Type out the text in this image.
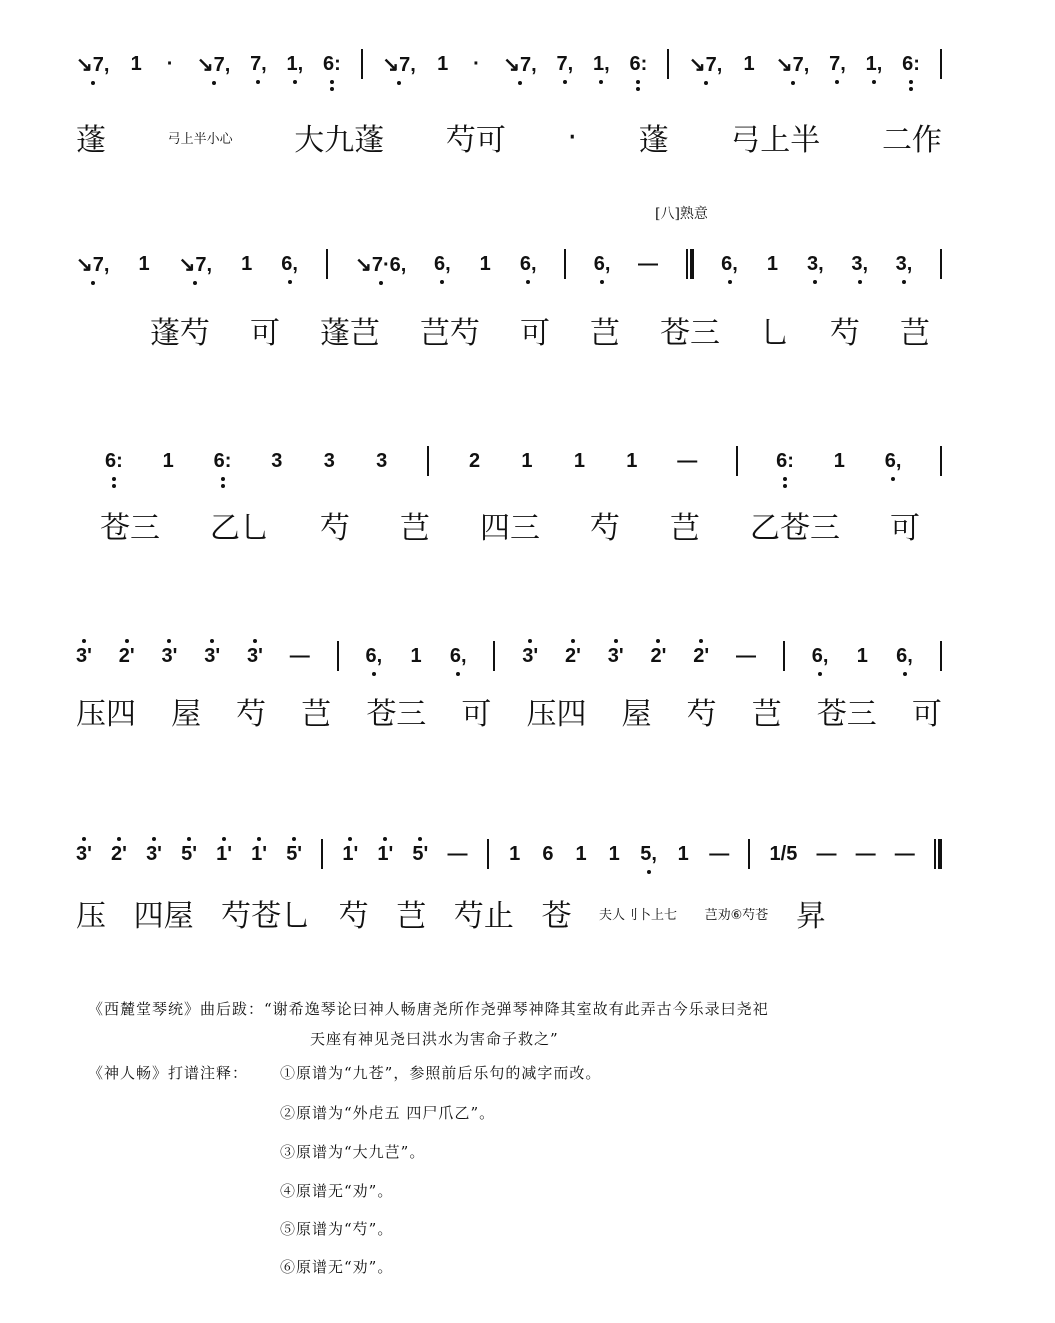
↘7, 1 · ↘7, 7, 1, 6: ↘7, 1 · ↘7, 7, 1, 6: ↘7, 1 ↘7, 7, 1, 6:
蓬	弓上半小心 大九蓬 芍可 · 蓬 弓上半 二作
[八]熟意
↘7, 1 ↘7, 1 6,	↘7·6, 6, 1 6,	6, —	6, 1 3, 3, 3,
蓬芍 可 蓬芑 芑芍 可 芑 苍三 乚 芍 芑
6: 1 6: 3 3 3	2 1 1 1 —	6: 1 6,
苍三 乙乚 芍 芑 四三 芍 芑 乙苍三 可
3' 2' 3' 3' 3' —	6, 1 6,	3' 2' 3' 2' 2' —	6, 1 6,
压四 屋 芍 芑 苍三 可 压四 屋 芍 芑 苍三 可
3' 2' 3' 5' 1' 1' 5' 1' 1' 5' — 1 6 1 1 5, 1 — 1/5 — — —
压 四屋 芍苍乚 芍 芑 芍止 苍 夫人刂卜上七 芑劝⑥芍苍 昇
《西麓堂琴统》曲后跋：“谢希逸琴论曰神人畅唐尧所作尧弹琴神降其室故有此弄古今乐录曰尧祀
天座有神见尧曰洪水为害命子救之”
《神人畅》打谱注释： ①原谱为“九苍”，参照前后乐句的减字而改。
②原谱为“外虍五 四尸爪乙”。
③原谱为“大九芑”。
④原谱无“劝”。
⑤原谱为“芍”。
⑥原谱无“劝”。
